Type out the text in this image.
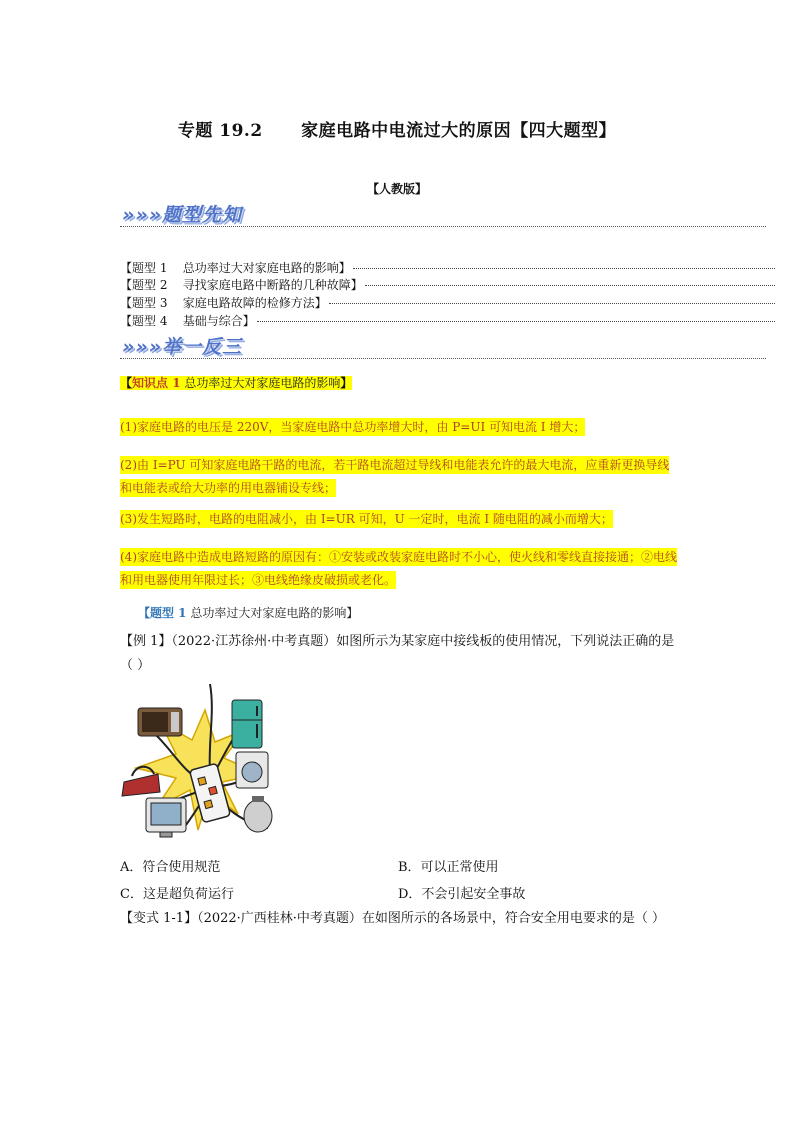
专题 19.2      家庭电路中电流过大的原因【四大题型】
【人教版】
»»»题型先知
【题型 1    总功率过大对家庭电路的影响】
【题型 2    寻找家庭电路中断路的几种故障】
【题型 3    家庭电路故障的检修方法】
【题型 4    基础与综合】
»»»举一反三
【知识点 1 总功率过大对家庭电路的影响】
(1)家庭电路的电压是 220V，当家庭电路中总功率增大时，由 P=UI 可知电流 I 增大；
(2)由 I=PU 可知家庭电路干路的电流，若干路电流超过导线和电能表允许的最大电流，应重新更换导线和电能表或给大功率的用电器铺设专线；
(3)发生短路时，电路的电阻减小，由 I=UR 可知，U 一定时，电流 I 随电阻的减小而增大；
(4)家庭电路中造成电路短路的原因有：①安装或改装家庭电路时不小心，使火线和零线直接接通；②电线和用电器使用年限过长；③电线绝缘皮破损或老化。
【题型 1 总功率过大对家庭电路的影响】
【例 1】（2022·江苏徐州·中考真题）如图所示为某家庭中接线板的使用情况，下列说法正确的是（ ）
A．符合使用规范	B．可以正常使用
C．这是超负荷运行	D．不会引起安全事故
【变式 1-1】（2022·广西桂林·中考真题）在如图所示的各场景中，符合安全用电要求的是（ ）
